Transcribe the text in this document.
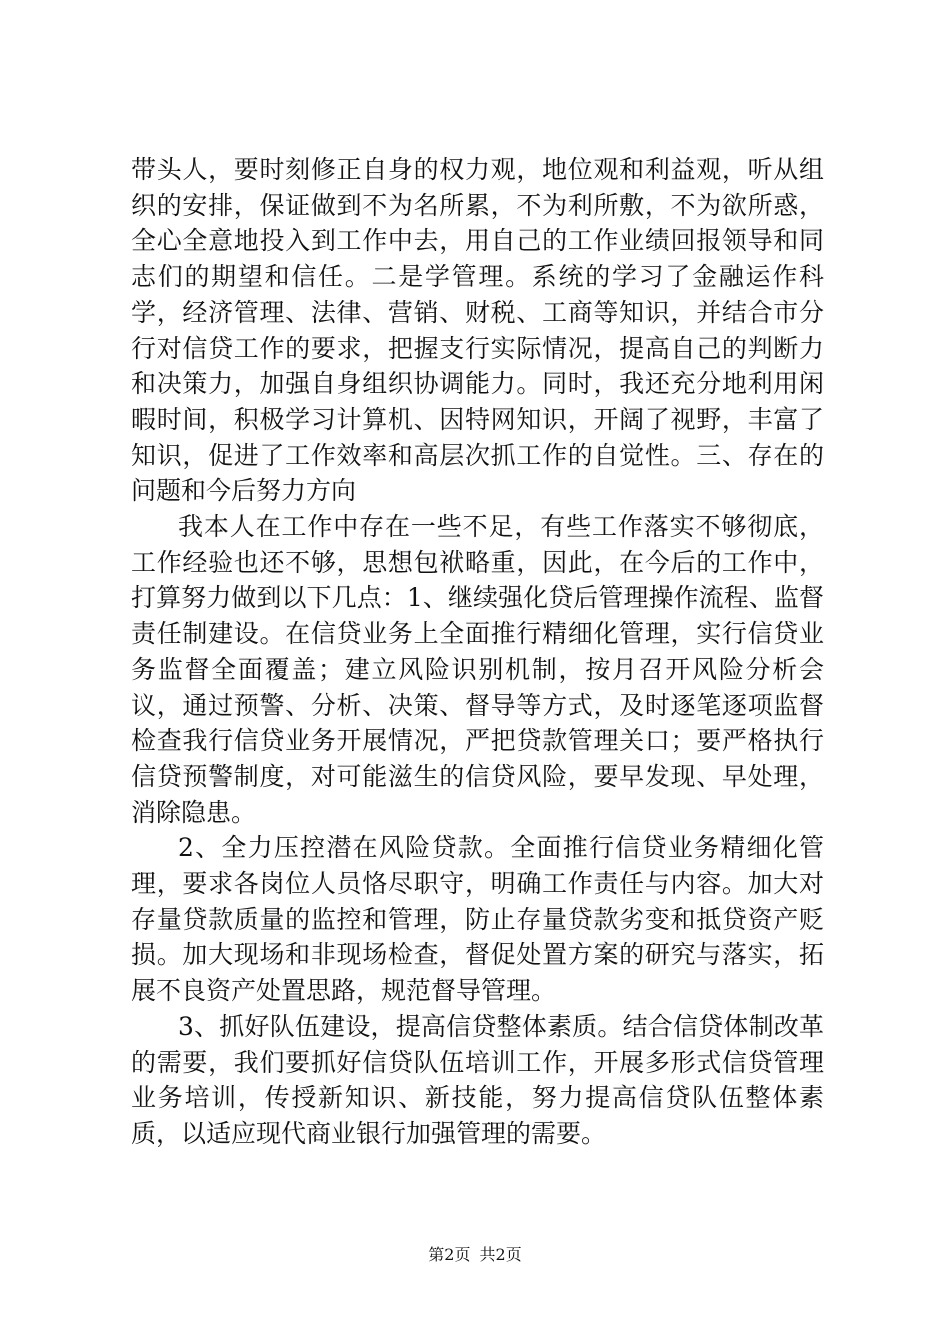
带头人，要时刻修正自身的权力观，地位观和利益观，听从组织的安排，保证做到不为名所累，不为利所敷，不为欲所惑，全心全意地投入到工作中去，用自己的工作业绩回报领导和同志们的期望和信任。二是学管理。系统的学习了金融运作科学，经济管理、法律、营销、财税、工商等知识，并结合市分行对信贷工作的要求，把握支行实际情况，提高自己的判断力和决策力，加强自身组织协调能力。同时，我还充分地利用闲暇时间，积极学习计算机、因特网知识，开阔了视野，丰富了知识，促进了工作效率和高层次抓工作的自觉性。三、存在的问题和今后努力方向

我本人在工作中存在一些不足，有些工作落实不够彻底，工作经验也还不够，思想包袱略重，因此，在今后的工作中，打算努力做到以下几点：1、继续强化贷后管理操作流程、监督责任制建设。在信贷业务上全面推行精细化管理，实行信贷业务监督全面覆盖；建立风险识别机制，按月召开风险分析会议，通过预警、分析、决策、督导等方式，及时逐笔逐项监督检查我行信贷业务开展情况，严把贷款管理关口；要严格执行信贷预警制度，对可能滋生的信贷风险，要早发现、早处理，消除隐患。

2、全力压控潜在风险贷款。全面推行信贷业务精细化管理，要求各岗位人员恪尽职守，明确工作责任与内容。加大对存量贷款质量的监控和管理，防止存量贷款劣变和抵贷资产贬损。加大现场和非现场检查，督促处置方案的研究与落实，拓展不良资产处置思路，规范督导管理。

3、抓好队伍建设，提高信贷整体素质。结合信贷体制改革的需要，我们要抓好信贷队伍培训工作，开展多形式信贷管理业务培训，传授新知识、新技能，努力提高信贷队伍整体素质，以适应现代商业银行加强管理的需要。

第2页 共2页
